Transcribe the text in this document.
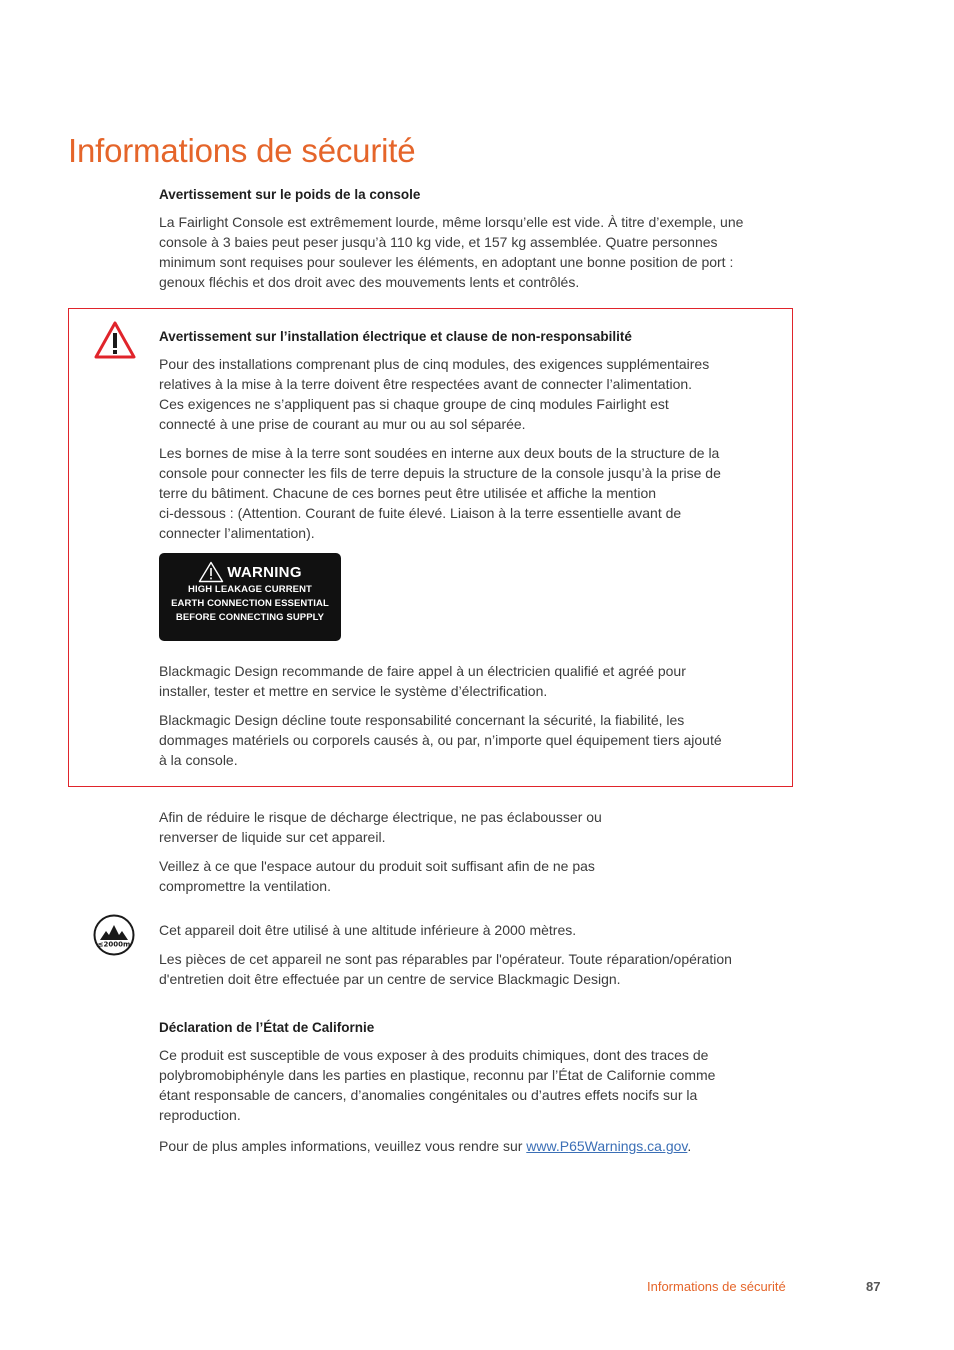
Informations de sécurité
Avertissement sur le poids de la console
La Fairlight Console est extrêmement lourde, même lorsqu’elle est vide. À titre d’exemple, une
console à 3 baies peut peser jusqu’à 110 kg vide, et 157 kg assemblée. Quatre personnes
minimum sont requises pour soulever les éléments, en adoptant une bonne position de port :
genoux fléchis et dos droit avec des mouvements lents et contrôlés.
Avertissement sur l’installation électrique et clause de non-responsabilité
Pour des installations comprenant plus de cinq modules, des exigences supplémentaires
relatives à la mise à la terre doivent être respectées avant de connecter l’alimentation.
Ces exigences ne s’appliquent pas si chaque groupe de cinq modules Fairlight est
connecté à une prise de courant au mur ou au sol séparée.
Les bornes de mise à la terre sont soudées en interne aux deux bouts de la structure de la
console pour connecter les fils de terre depuis la structure de la console jusqu’à la prise de
terre du bâtiment. Chacune de ces bornes peut être utilisée et affiche la mention
ci-dessous : (Attention. Courant de fuite élevé. Liaison à la terre essentielle avant de
connecter l’alimentation).
WARNING
HIGH LEAKAGE CURRENT
EARTH CONNECTION ESSENTIAL
BEFORE CONNECTING SUPPLY
Blackmagic Design recommande de faire appel à un électricien qualifié et agréé pour
installer, tester et mettre en service le système d’électrification.
Blackmagic Design décline toute responsabilité concernant la sécurité, la fiabilité, les
dommages matériels ou corporels causés à, ou par, n’importe quel équipement tiers ajouté
à la console.
Afin de réduire le risque de décharge électrique, ne pas éclabousser ou
renverser de liquide sur cet appareil.
Veillez à ce que l'espace autour du produit soit suffisant afin de ne pas
compromettre la ventilation.
≤2000m
Cet appareil doit être utilisé à une altitude inférieure à 2000 mètres.
Les pièces de cet appareil ne sont pas réparables par l'opérateur. Toute réparation/opération
d'entretien doit être effectuée par un centre de service Blackmagic Design.
Déclaration de l’État de Californie
Ce produit est susceptible de vous exposer à des produits chimiques, dont des traces de
polybromobiphényle dans les parties en plastique, reconnu par l’État de Californie comme
étant responsable de cancers, d’anomalies congénitales ou d’autres effets nocifs sur la
reproduction.
Pour de plus amples informations, veuillez vous rendre sur www.P65Warnings.ca.gov.
Informations de sécurité	87
